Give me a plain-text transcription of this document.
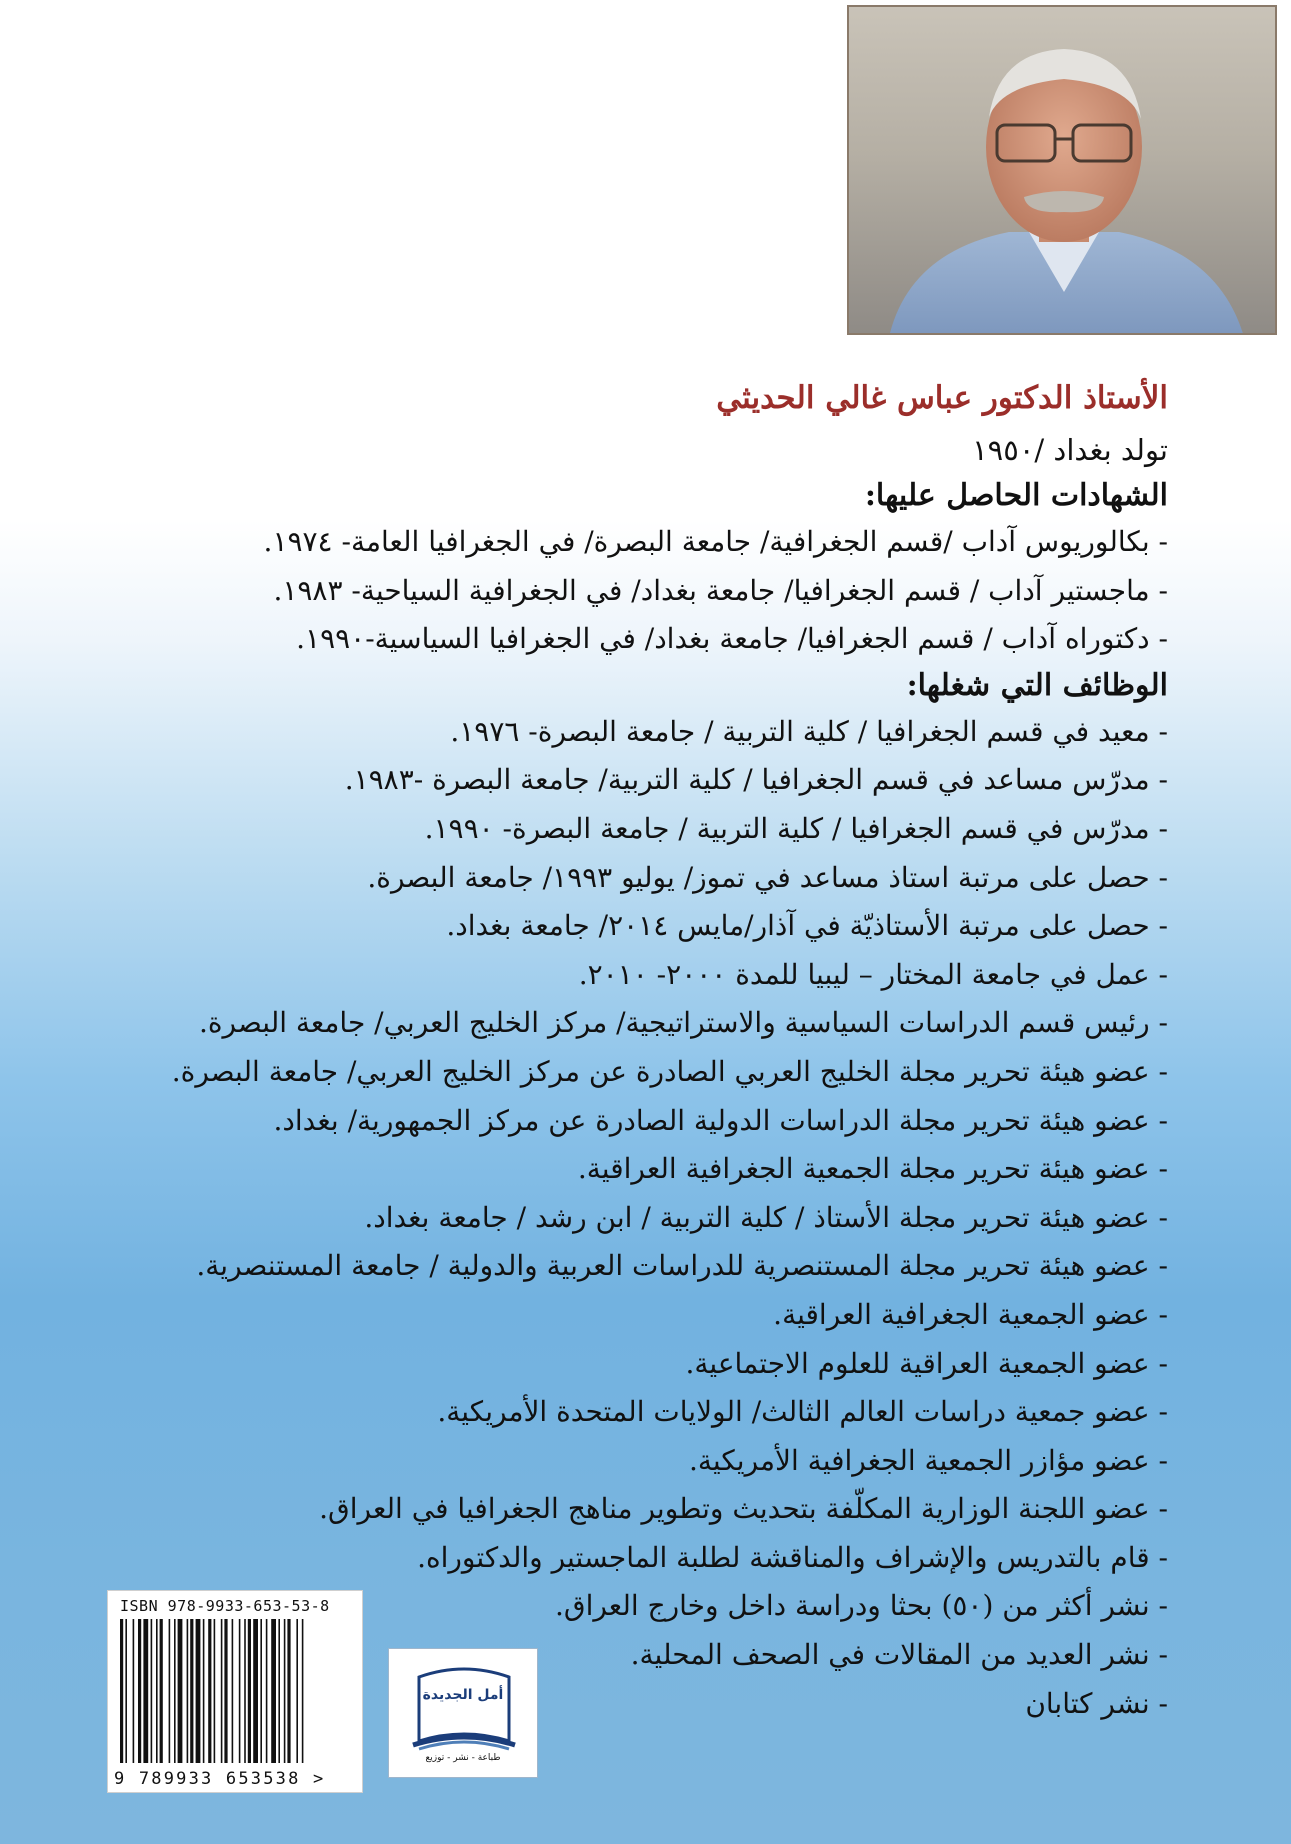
الأستاذ الدكتور عباس غالي الحديثي
تولد بغداد /١٩٥٠
الشهادات الحاصل عليها:
- بكالوريوس آداب /قسم الجغرافية/ جامعة البصرة/ في الجغرافيا العامة- ١٩٧٤.
- ماجستير آداب / قسم الجغرافيا/ جامعة بغداد/ في الجغرافية السياحية- ١٩٨٣.
- دكتوراه آداب / قسم الجغرافيا/ جامعة بغداد/ في الجغرافيا السياسية-١٩٩٠.
الوظائف التي شغلها:
- معيد في قسم الجغرافيا / كلية التربية / جامعة البصرة- ١٩٧٦.
- مدرّس مساعد في قسم الجغرافيا / كلية التربية/ جامعة البصرة -١٩٨٣.
- مدرّس في قسم الجغرافيا / كلية التربية / جامعة البصرة- ١٩٩٠.
- حصل على مرتبة استاذ مساعد في تموز/ يوليو ١٩٩٣/ جامعة البصرة.
- حصل على مرتبة الأستاذيّة في آذار/مايس ٢٠١٤/ جامعة بغداد.
- عمل في جامعة المختار – ليبيا للمدة ٢٠٠٠- ٢٠١٠.
- رئيس قسم الدراسات السياسية والاستراتيجية/ مركز الخليج العربي/ جامعة البصرة.
- عضو هيئة تحرير مجلة الخليج العربي الصادرة عن مركز الخليج العربي/ جامعة البصرة.
- عضو هيئة تحرير مجلة الدراسات الدولية الصادرة عن مركز الجمهورية/ بغداد.
- عضو هيئة تحرير مجلة الجمعية الجغرافية العراقية.
- عضو هيئة تحرير مجلة الأستاذ / كلية التربية / ابن رشد / جامعة بغداد.
- عضو هيئة تحرير مجلة المستنصرية للدراسات العربية والدولية / جامعة المستنصرية.
- عضو الجمعية الجغرافية العراقية.
- عضو الجمعية العراقية للعلوم الاجتماعية.
- عضو جمعية دراسات العالم الثالث/ الولايات المتحدة الأمريكية.
- عضو مؤازر الجمعية الجغرافية الأمريكية.
- عضو اللجنة الوزارية المكلّفة بتحديث وتطوير مناهج الجغرافيا في العراق.
- قام بالتدريس والإشراف والمناقشة لطلبة الماجستير والدكتوراه.
- نشر أكثر من (٥٠) بحثا ودراسة داخل وخارج العراق.
- نشر العديد من المقالات في الصحف المحلية.
- نشر كتابان
ISBN 978-9933-653-53-8
9 789933 653538 >
أمل الجديدة
طباعة - نشر - توزيع
